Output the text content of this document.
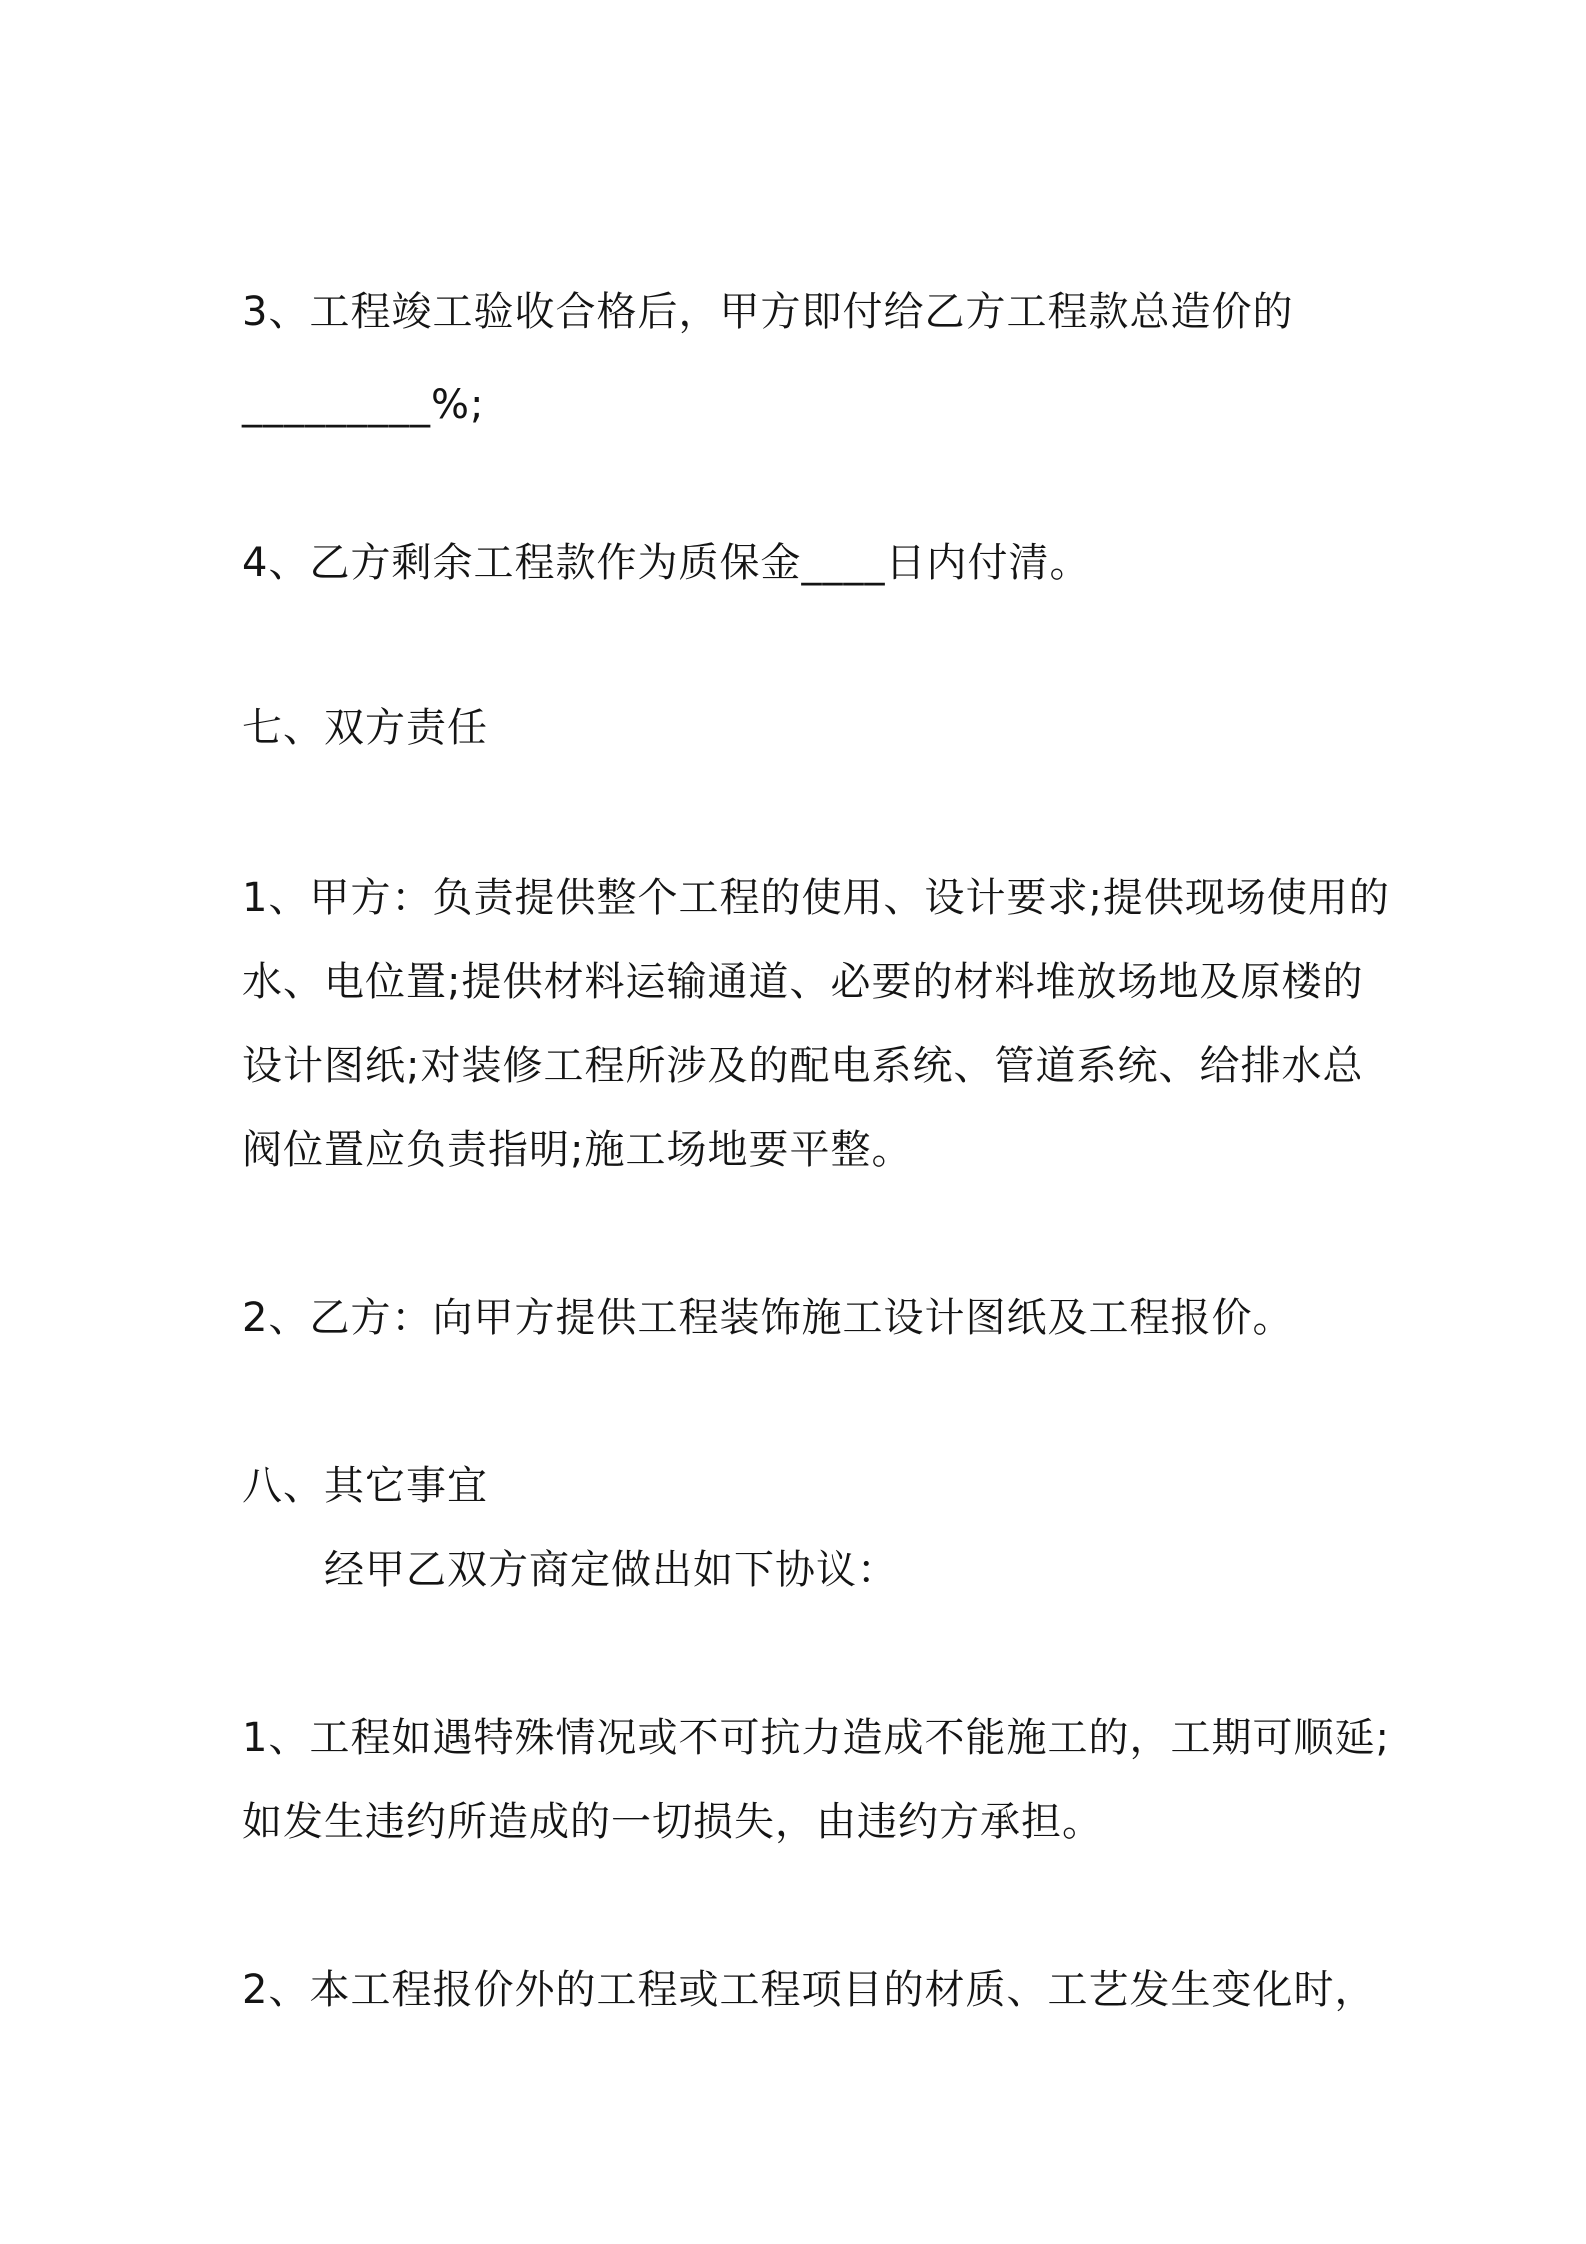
3、工程竣工验收合格后，甲方即付给乙方工程款总造价的

_________%;

4、乙方剩余工程款作为质保金____日内付清。

七、双方责任

1、甲方：负责提供整个工程的使用、设计要求;提供现场使用的

水、电位置;提供材料运输通道、必要的材料堆放场地及原楼的

设计图纸;对装修工程所涉及的配电系统、管道系统、给排水总

阀位置应负责指明;施工场地要平整。

2、乙方：向甲方提供工程装饰施工设计图纸及工程报价。

八、其它事宜

　　经甲乙双方商定做出如下协议：

1、工程如遇特殊情况或不可抗力造成不能施工的，工期可顺延;

如发生违约所造成的一切损失，由违约方承担。

2、本工程报价外的工程或工程项目的材质、工艺发生变化时，
